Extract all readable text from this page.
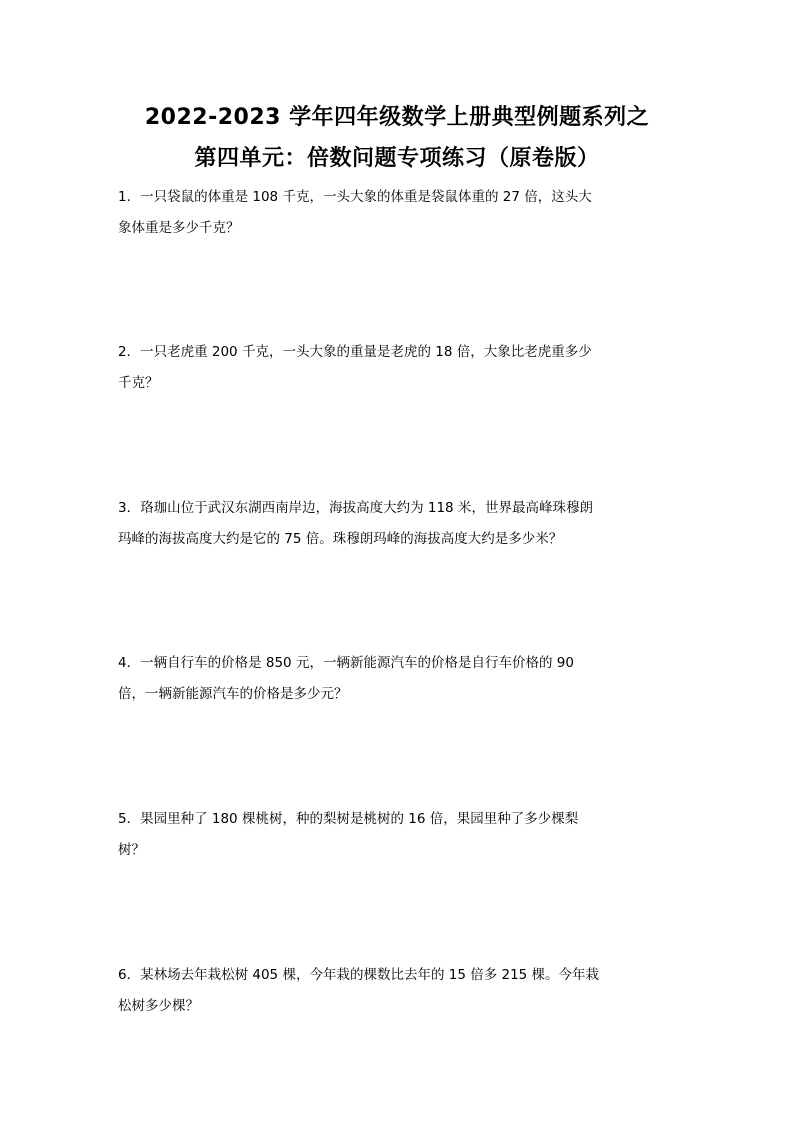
2022-2023 学年四年级数学上册典型例题系列之
第四单元：倍数问题专项练习（原卷版）
1．一只袋鼠的体重是 108 千克，一头大象的体重是袋鼠体重的 27 倍，这头大
象体重是多少千克？
2．一只老虎重 200 千克，一头大象的重量是老虎的 18 倍，大象比老虎重多少
千克？
3．珞珈山位于武汉东湖西南岸边，海拔高度大约为 118 米，世界最高峰珠穆朗
玛峰的海拔高度大约是它的 75 倍。珠穆朗玛峰的海拔高度大约是多少米？
4．一辆自行车的价格是 850 元，一辆新能源汽车的价格是自行车价格的 90
倍，一辆新能源汽车的价格是多少元？
5．果园里种了 180 棵桃树，种的梨树是桃树的 16 倍，果园里种了多少棵梨
树？
6．某林场去年栽松树 405 棵，今年栽的棵数比去年的 15 倍多 215 棵。今年栽
松树多少棵？
